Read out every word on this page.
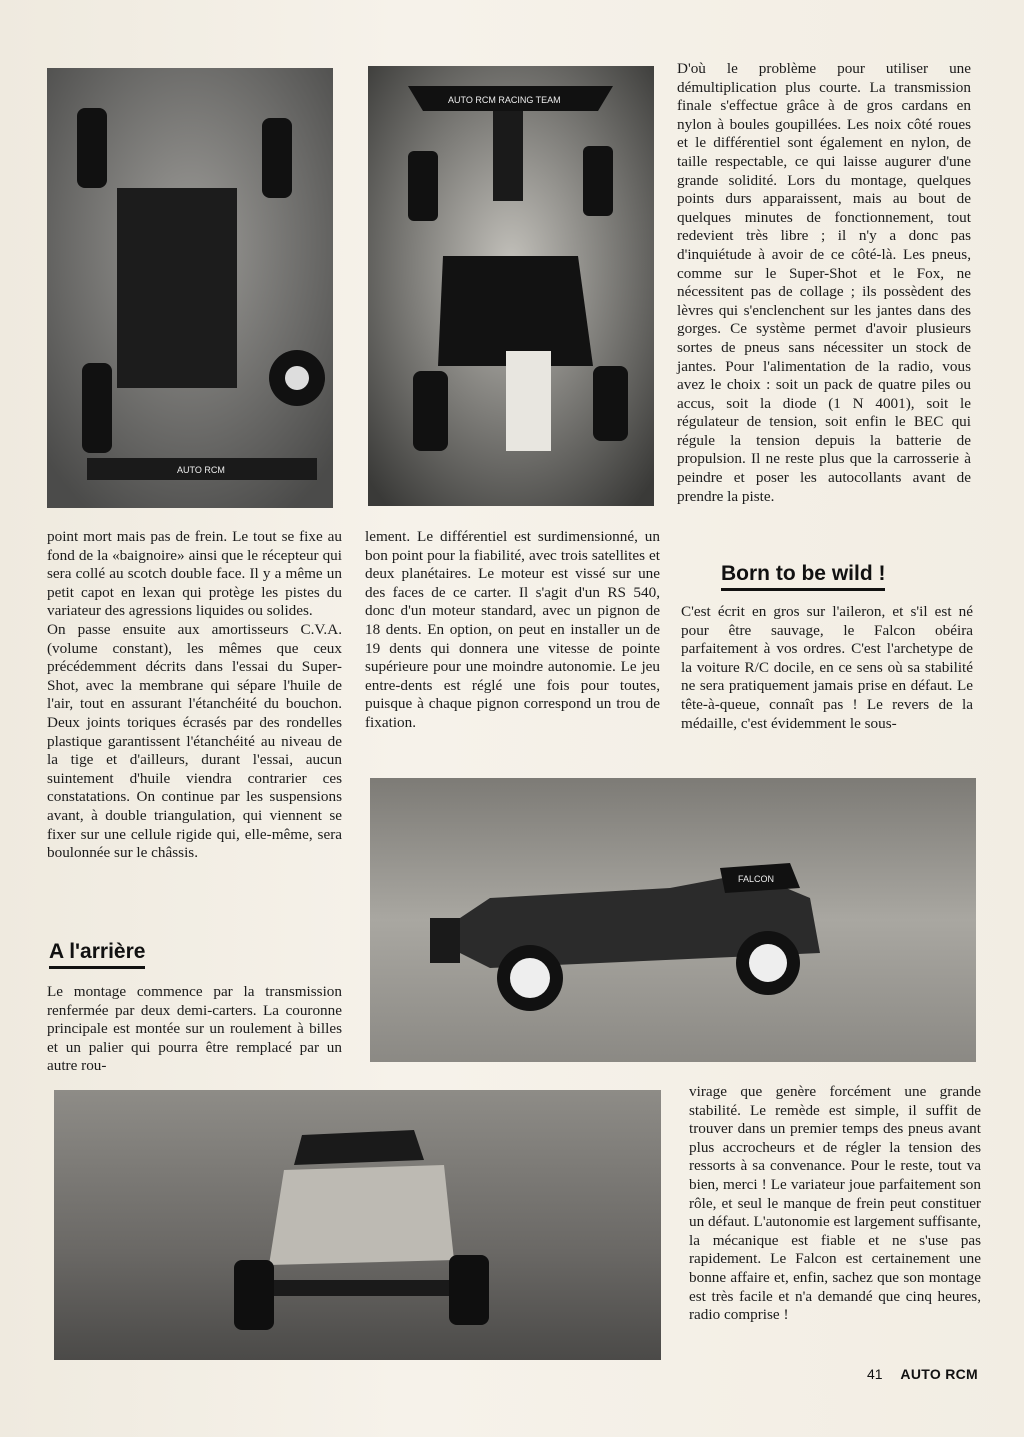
AUTO RCM
AUTO RCM RACING TEAM

D'où le problème pour utiliser une démultiplication plus courte. La transmission finale s'effectue grâce à de gros cardans en nylon à boules goupillées. Les noix côté roues et le différentiel sont également en nylon, de taille respectable, ce qui laisse augurer d'une grande solidité. Lors du montage, quelques points durs apparaissent, mais au bout de quelques minutes de fonctionnement, tout redevient très libre ; il n'y a donc pas d'inquiétude à avoir de ce côté-là. Les pneus, comme sur le Super-Shot et le Fox, ne nécessitent pas de collage ; ils possèdent des lèvres qui s'enclenchent sur les jantes dans des gorges. Ce système permet d'avoir plusieurs sortes de pneus sans nécessiter un stock de jantes. Pour l'alimentation de la radio, vous avez le choix : soit un pack de quatre piles ou accus, soit la diode (1 N 4001), soit le régulateur de tension, soit enfin le BEC qui régule la tension depuis la batterie de propulsion. Il ne reste plus que la carrosserie à peindre et poser les autocollants avant de prendre la piste.

point mort mais pas de frein. Le tout se fixe au fond de la «baignoire» ainsi que le récepteur qui sera collé au scotch double face. Il y a même un petit capot en lexan qui protège les pistes du variateur des agressions liquides ou solides.

On passe ensuite aux amortisseurs C.V.A. (volume constant), les mêmes que ceux précédemment décrits dans l'essai du Super-Shot, avec la membrane qui sépare l'huile de l'air, tout en assurant l'étanchéité du bouchon. Deux joints toriques écrasés par des rondelles plastique garantissent l'étanchéité au niveau de la tige et d'ailleurs, durant l'essai, aucun suintement d'huile viendra contrarier ces constatations. On continue par les suspensions avant, à double triangulation, qui viennent se fixer sur une cellule rigide qui, elle-même, sera boulonnée sur le châssis.

A l'arrière

Le montage commence par la transmission renfermée par deux demi-carters. La couronne principale est montée sur un roulement à billes et un palier qui pourra être remplacé par un autre rou-

lement. Le différentiel est surdimensionné, un bon point pour la fiabilité, avec trois satellites et deux planétaires. Le moteur est vissé sur une des faces de ce carter. Il s'agit d'un RS 540, donc d'un moteur standard, avec un pignon de 18 dents. En option, on peut en installer un de 19 dents qui donnera une vitesse de pointe supérieure pour une moindre autonomie. Le jeu entre-dents est réglé une fois pour toutes, puisque à chaque pignon correspond un trou de fixation.

Born to be wild !

C'est écrit en gros sur l'aileron, et s'il est né pour être sauvage, le Falcon obéira parfaitement à vos ordres. C'est l'archetype de la voiture R/C docile, en ce sens où sa stabilité ne sera pratiquement jamais prise en défaut. Le tête-à-queue, connaît pas ! Le revers de la médaille, c'est évidemment le sous-

FALCON

virage que genère forcément une grande stabilité. Le remède est simple, il suffit de trouver dans un premier temps des pneus avant plus accrocheurs et de régler la tension des ressorts à sa convenance. Pour le reste, tout va bien, merci ! Le variateur joue parfaitement son rôle, et seul le manque de frein peut constituer un défaut. L'autonomie est largement suffisante, la mécanique est fiable et ne s'use pas rapidement. Le Falcon est certainement une bonne affaire et, enfin, sachez que son montage est très facile et n'a demandé que cinq heures, radio comprise !

41 AUTO RCM
